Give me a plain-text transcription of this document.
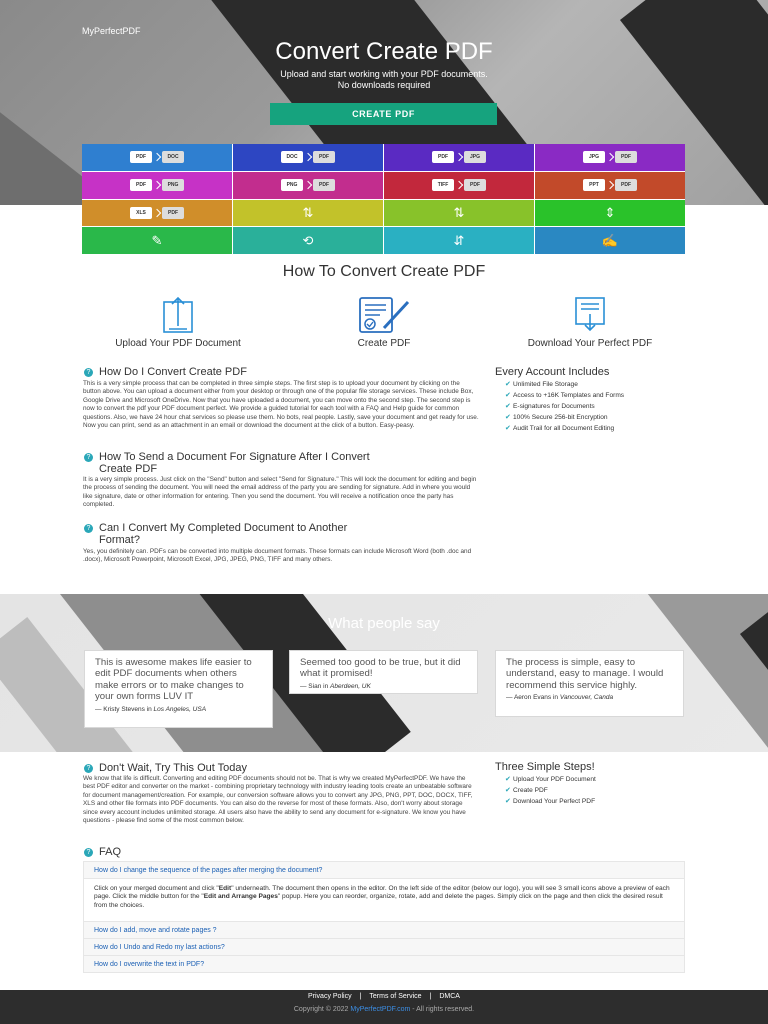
MyPerfectPDF
Convert Create PDF
Upload and start working with your PDF documents.
No downloads required
CREATE PDF
PDF	DOC	DOC	PDF	PDF	JPG	JPG	PDF
PDF	PNG	PNG	PDF	TIFF	PDF	PPT	PDF
XLS	PDF	⇅	⇅	⇕
✎	⟲	⇵	✍
How To Convert Create PDF
Upload Your PDF Document	Create PDF	Download Your Perfect PDF
? How Do I Convert Create PDF
This is a very simple process that can be completed in three simple steps. The first step is to upload your document by clicking on the button above. You can upload a document either from your desktop or through one of the popular file storage services. These include Box, Google Drive and Microsoft OneDrive. Now that you have uploaded a document, you can move onto the second step. The second step is now to convert the pdf your PDF document perfect. We provide a guided tutorial for each tool with a FAQ and Help guide for common questions. Also, we have 24 hour chat services so please use them. No bots, real people. Lastly, save your document and get ready for use. Now you can print, send as an attachment in an email or download the document at the click of a button. Easy-peasy.
? How To Send a Document For Signature After I Convert
Create PDF
It is a very simple process. Just click on the "Send" button and select "Send for Signature." This will lock the document for editing and begin the process of sending the document. You will need the email address of the party you are sending for signature. Add in where you would like signature, date or other information for entering. Then you send the document. You will receive a notification once the party has completed.
? Can I Convert My Completed Document to Another
Format?
Yes, you definitely can. PDFs can be converted into multiple document formats. These formats can include Microsoft Word (both .doc and .docx), Microsoft Powerpoint, Microsoft Excel, JPG, JPEG, PNG, TIFF and many others.
Every Account Includes
✔ Unlimited File Storage
✔ Access to +16K Templates and Forms
✔ E-signatures for Documents
✔ 100% Secure 256-bit Encryption
✔ Audit Trail for all Document Editing
What people say
This is awesome makes life easier to edit PDF documents when others make errors or to make changes to your own forms LUV IT
— Kristy Stevens in Los Angeles, USA
Seemed too good to be true, but it did what it promised!
— Sian in Aberdeen, UK
The process is simple, easy to understand, easy to manage. I would recommend this service highly.
— Aeron Evans in Vancouver, Canda
? Don't Wait, Try This Out Today
We know that life is difficult. Converting and editing PDF documents should not be. That is why we created MyPerfectPDF. We have the best PDF editor and converter on the market - combining proprietary technology with industry leading tools create an unbeatable software for document management/creation. For example, our conversion software allows you to convert any JPG, PNG, PPT, DOC, DOCX, TIFF, XLS and other file formats into PDF documents. You can also do the reverse for most of these formats. Also, don't worry about storage since every account includes unlimited storage. All users also have the ability to send any document for e-signature. We know you have questions - please find some of the most common below.
Three Simple Steps!
✔ Upload Your PDF Document
✔ Create PDF
✔ Download Your Perfect PDF
? FAQ
How do I change the sequence of the pages after merging the document?
Click on your merged document and click "Edit" underneath. The document then opens in the editor. On the left side of the editor (below our logo), you will see 3 small icons above a preview of each page. Click the middle button for the "Edit and Arrange Pages" popup. Here you can reorder, organize, rotate, add and delete the pages. Simply click on the page and then click the desired result from the choices.
How do I add, move and rotate pages ?
How do I Undo and Redo my last actions?
How do I overwrite the text in PDF?
Privacy Policy | Terms of Service | DMCA
Copyright © 2022 MyPerfectPDF.com - All rights reserved.
